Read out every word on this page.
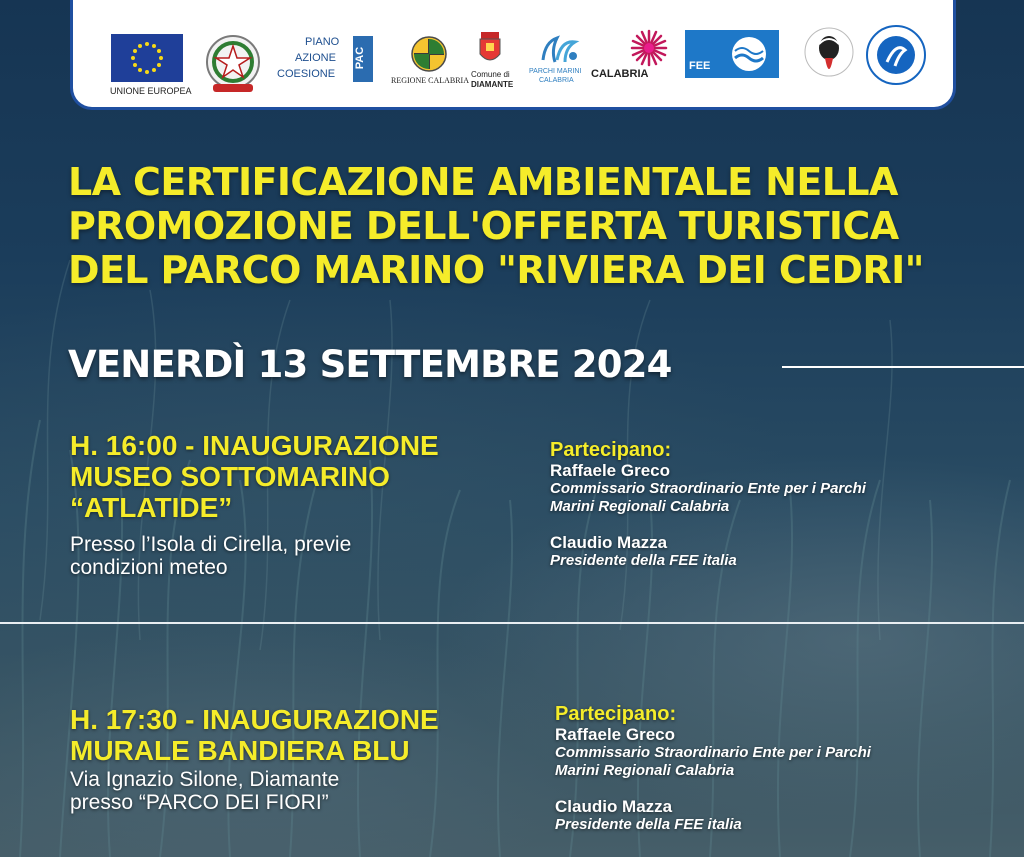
UNIONE EUROPEA
PIANO
AZIONE
COESIONE
PAC
REGIONE CALABRIA
Comune di
DIAMANTE
PARCHI MARINI
CALABRIA
CALABRIA
FEE
LA CERTIFICAZIONE AMBIENTALE NELLA
PROMOZIONE DELL'OFFERTA TURISTICA
DEL PARCO MARINO "RIVIERA DEI CEDRI"
VENERDÌ 13 SETTEMBRE 2024
H. 16:00 - INAUGURAZIONE
MUSEO SOTTOMARINO
“ATLATIDE”
Presso l’Isola di Cirella, previe
condizioni meteo
Partecipano:
Raffaele Greco
Commissario Straordinario Ente per i Parchi
Marini Regionali Calabria
Claudio Mazza
Presidente della FEE italia
H. 17:30 - INAUGURAZIONE
MURALE BANDIERA BLU
Via Ignazio Silone, Diamante
presso “PARCO DEI FIORI”
Partecipano:
Raffaele Greco
Commissario Straordinario Ente per i Parchi
Marini Regionali Calabria
Claudio Mazza
Presidente della FEE italia
